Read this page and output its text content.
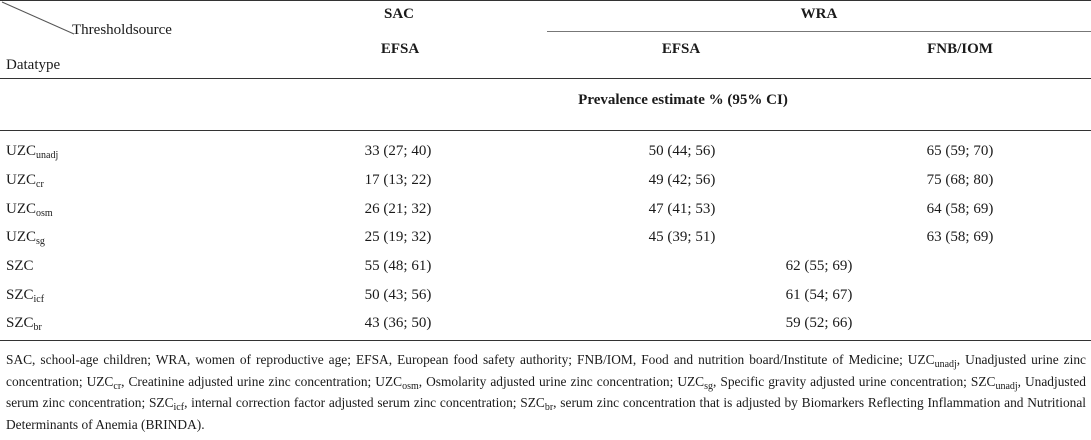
Thresholdsource
Datatype
SAC	WRA
EFSA	EFSA	FNB/IOM
Prevalence estimate % (95% CI)
$UZC_{unadj}$	33 (27; 40)	50 (44; 56)	65 (59; 70)
$UZC_{cr}$	17 (13; 22)	49 (42; 56)	75 (68; 80)
$UZC_{osm}$	26 (21; 32)	47 (41; 53)	64 (58; 69)
$UZC_{sg}$	25 (19; 32)	45 (39; 51)	63 (58; 69)
SZC	55 (48; 61)	62 (55; 69)
$SZC_{icf}$	50 (43; 56)	61 (54; 67)
$SZC_{br}$	43 (36; 50)	59 (52; 66)
SAC, school-age children; WRA, women of reproductive age; EFSA, European food safety authority; FNB/IOM, Food and nutrition board/Institute of Medicine; $UZC_{unadj}$, Unadjusted urine zinc concentration; $UZC_{cr}$, Creatinine adjusted urine zinc concentration; $UZC_{osm}$, Osmolarity adjusted urine zinc concentration; $UZC_{sg}$, Specific gravity adjusted urine concentration; $SZC_{unadj}$, Unadjusted serum zinc concentration; $SZC_{icf}$, internal correction factor adjusted serum zinc concentration; $SZC_{br}$, serum zinc concentration that is adjusted by Biomarkers Reflecting Inflammation and Nutritional Determinants of Anemia (BRINDA).
